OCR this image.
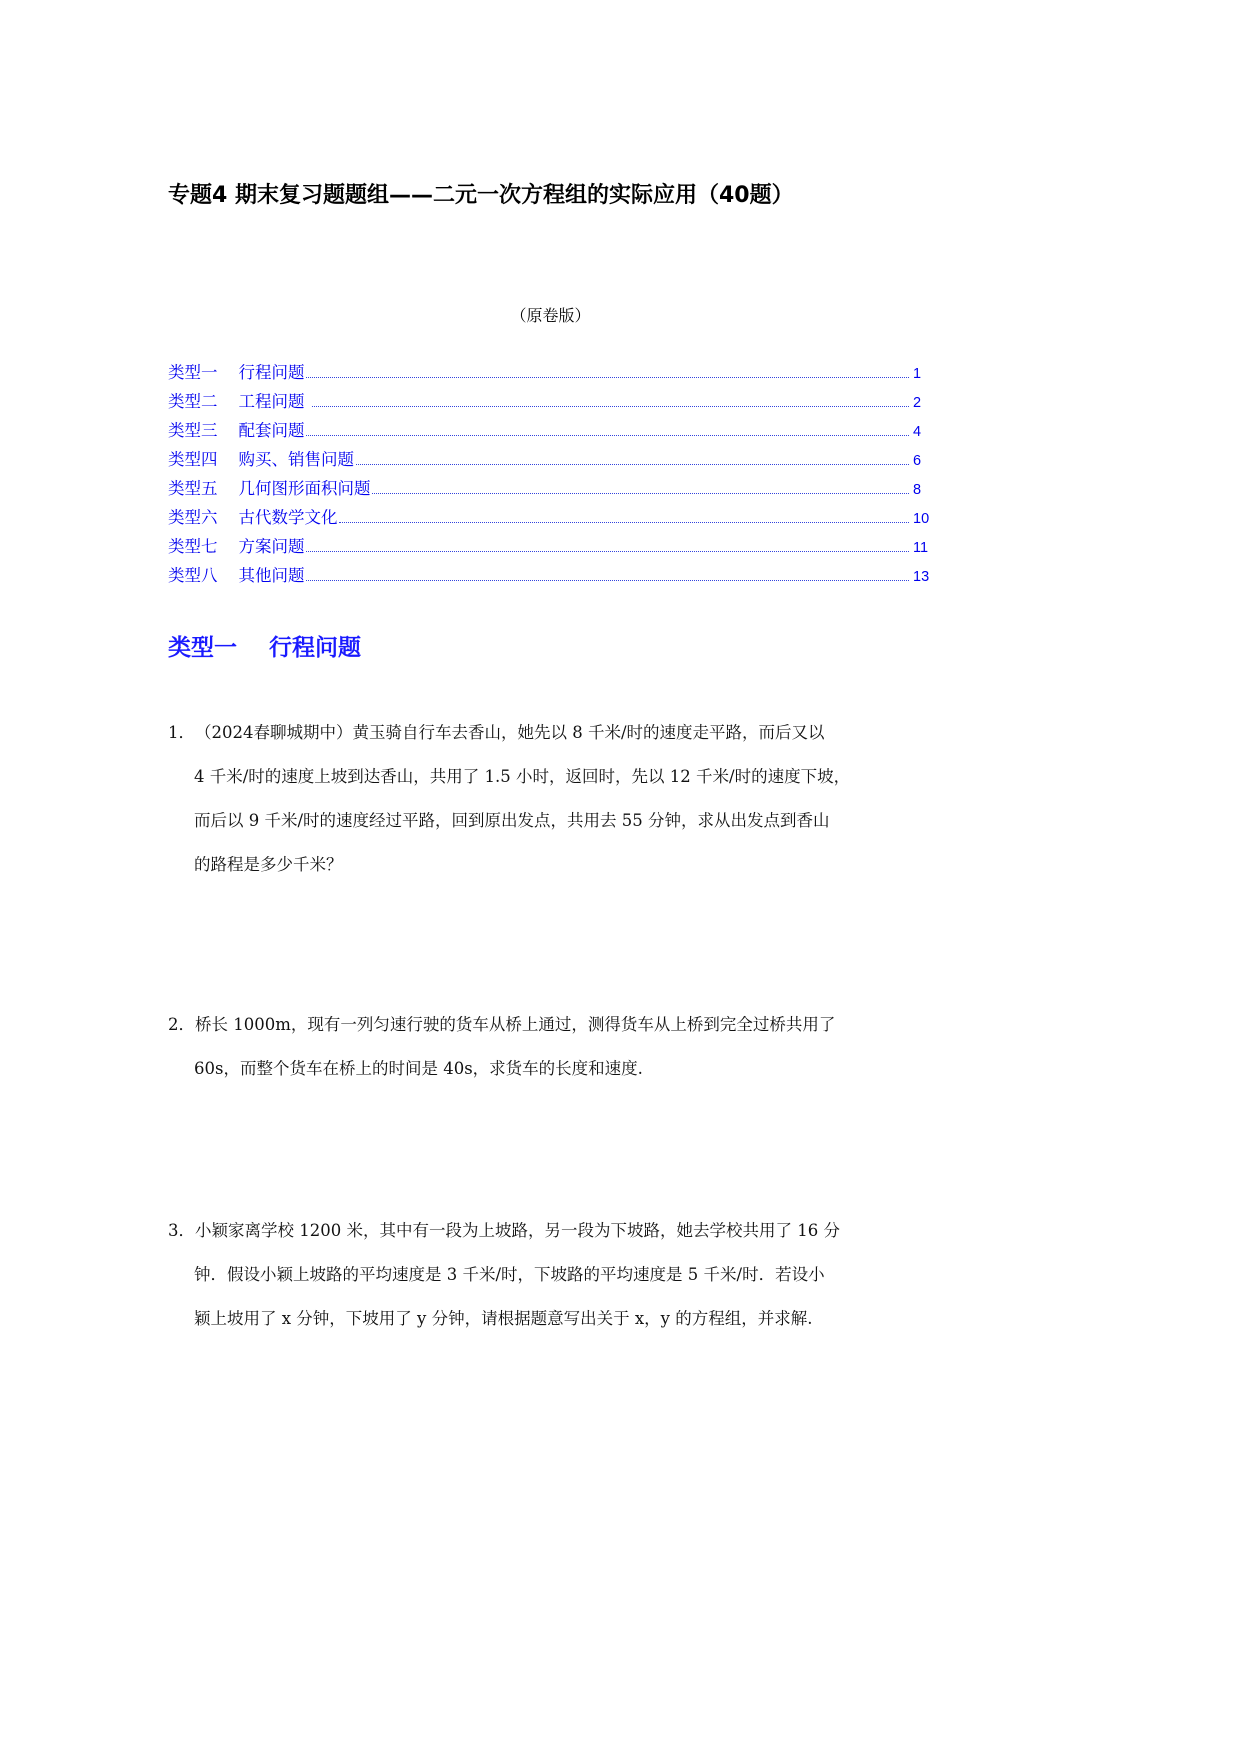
专题4 期末复习题题组——二元一次方程组的实际应用（40题）
（原卷版）
类型一    行程问题	1
类型二    工程问题	2
类型三    配套问题	4
类型四    购买、销售问题	6
类型五    几何图形面积问题	8
类型六    古代数学文化	10
类型七    方案问题	11
类型八    其他问题	13
类型一    行程问题
1．（2024春聊城期中）黄玉骑自行车去香山，她先以 8 千米/时的速度走平路，而后又以
4 千米/时的速度上坡到达香山，共用了 1.5 小时，返回时，先以 12 千米/时的速度下坡，
而后以 9 千米/时的速度经过平路，回到原出发点，共用去 55 分钟，求从出发点到香山
的路程是多少千米？
2．桥长 1000m，现有一列匀速行驶的货车从桥上通过，测得货车从上桥到完全过桥共用了
60s，而整个货车在桥上的时间是 40s，求货车的长度和速度.
3．小颖家离学校 1200 米，其中有一段为上坡路，另一段为下坡路，她去学校共用了 16 分
钟．假设小颖上坡路的平均速度是 3 千米/时，下坡路的平均速度是 5 千米/时．若设小
颖上坡用了 x 分钟，下坡用了 y 分钟，请根据题意写出关于 x，y 的方程组，并求解.
